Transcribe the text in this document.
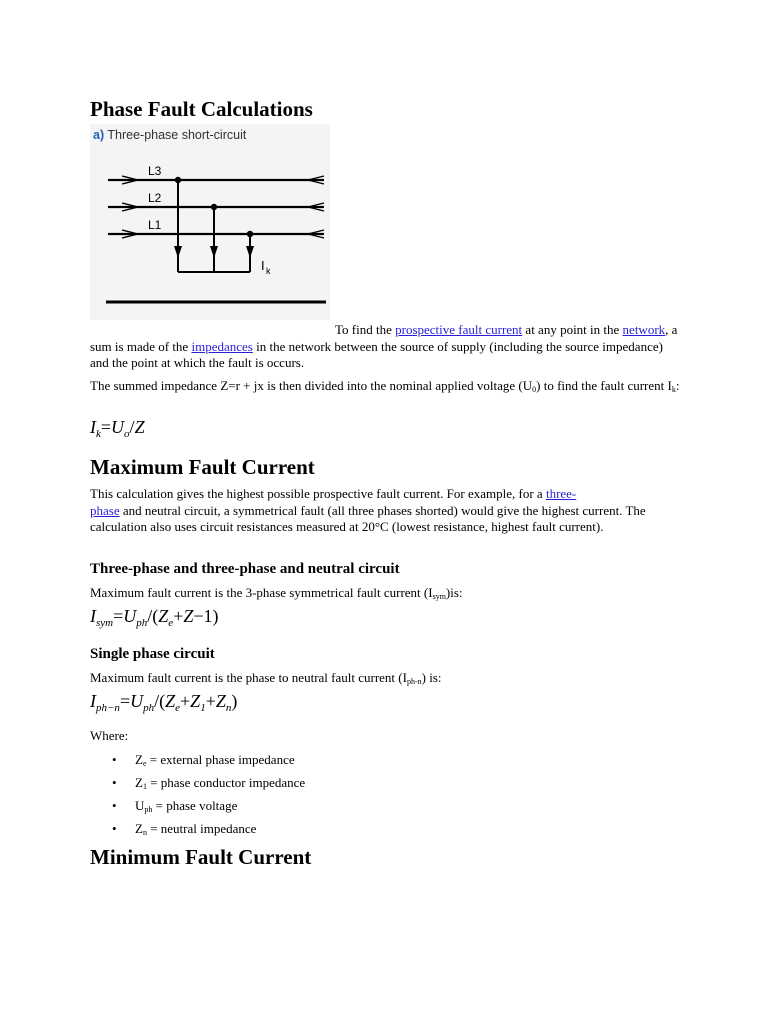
Phase Fault Calculations
a) Three-phase short-circuit
L3
L2
L1
I k
To find the prospective fault current at any point in the network, a sum is made of the impedances in the network between the source of supply (including the source impedance) and the point at which the fault is occurs.
The summed impedance Z=r + jx is then divided into the nominal applied voltage $(U_0)$ to find the fault current $I_k$:
$I_k=U_o/Z$
Maximum Fault Current
This calculation gives the highest possible prospective fault current. For example, for a three-
phase and neutral circuit, a symmetrical fault (all three phases shorted) would give the highest current. The calculation also uses circuit resistances measured at 20°C (lowest resistance, highest fault current).
Three-phase and three-phase and neutral circuit
Maximum fault current is the 3-phase symmetrical fault current $(I_{sym})is$:
$I_{sym}=U_{ph}/(Z_e+Z-1)$
Single phase circuit
Maximum fault current is the phase to neutral fault current $(I_{ph-n})$ is:
$I_{ph-n}=U_{ph}/(Z_e+Z_1+Z_n)$
Where:
• $Z_e$ = external phase impedance
• $Z_1$ = phase conductor impedance
• $U_{ph}$ = phase voltage
• $Z_n$ = neutral impedance
Minimum Fault Current
